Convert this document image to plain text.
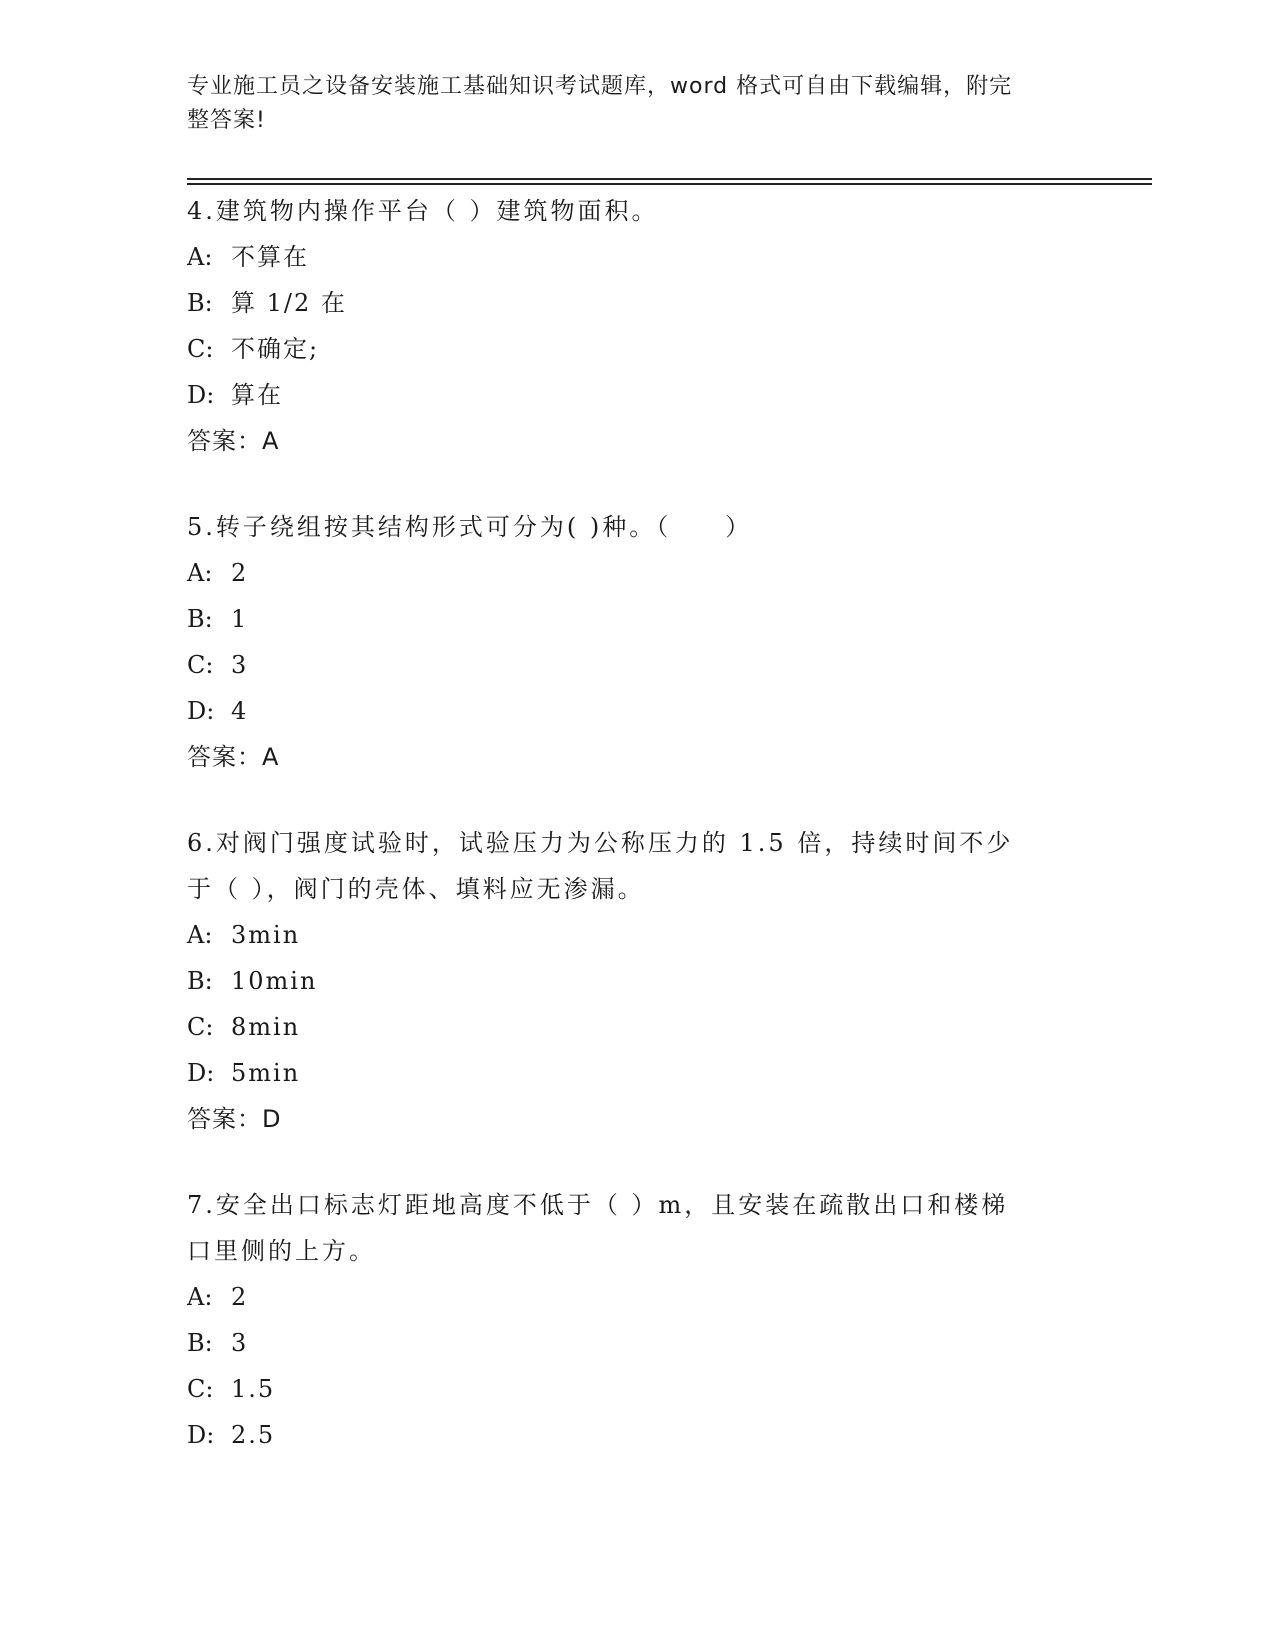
专业施工员之设备安装施工基础知识考试题库，word 格式可自由下载编辑，附完
整答案!
4.建筑物内操作平台（ ）建筑物面积。
A: 不算在
B: 算 1/2 在
C: 不确定;
D: 算在
答案：A
5.转子绕组按其结构形式可分为( )种。（　　）
A: 2
B: 1
C: 3
D: 4
答案：A
6.对阀门强度试验时，试验压力为公称压力的 1.5 倍，持续时间不少
于（ ），阀门的壳体、填料应无渗漏。
A: 3min
B: 10min
C: 8min
D: 5min
答案：D
7.安全出口标志灯距地高度不低于（ ）m，且安装在疏散出口和楼梯
口里侧的上方。
A: 2
B: 3
C: 1.5
D: 2.5
